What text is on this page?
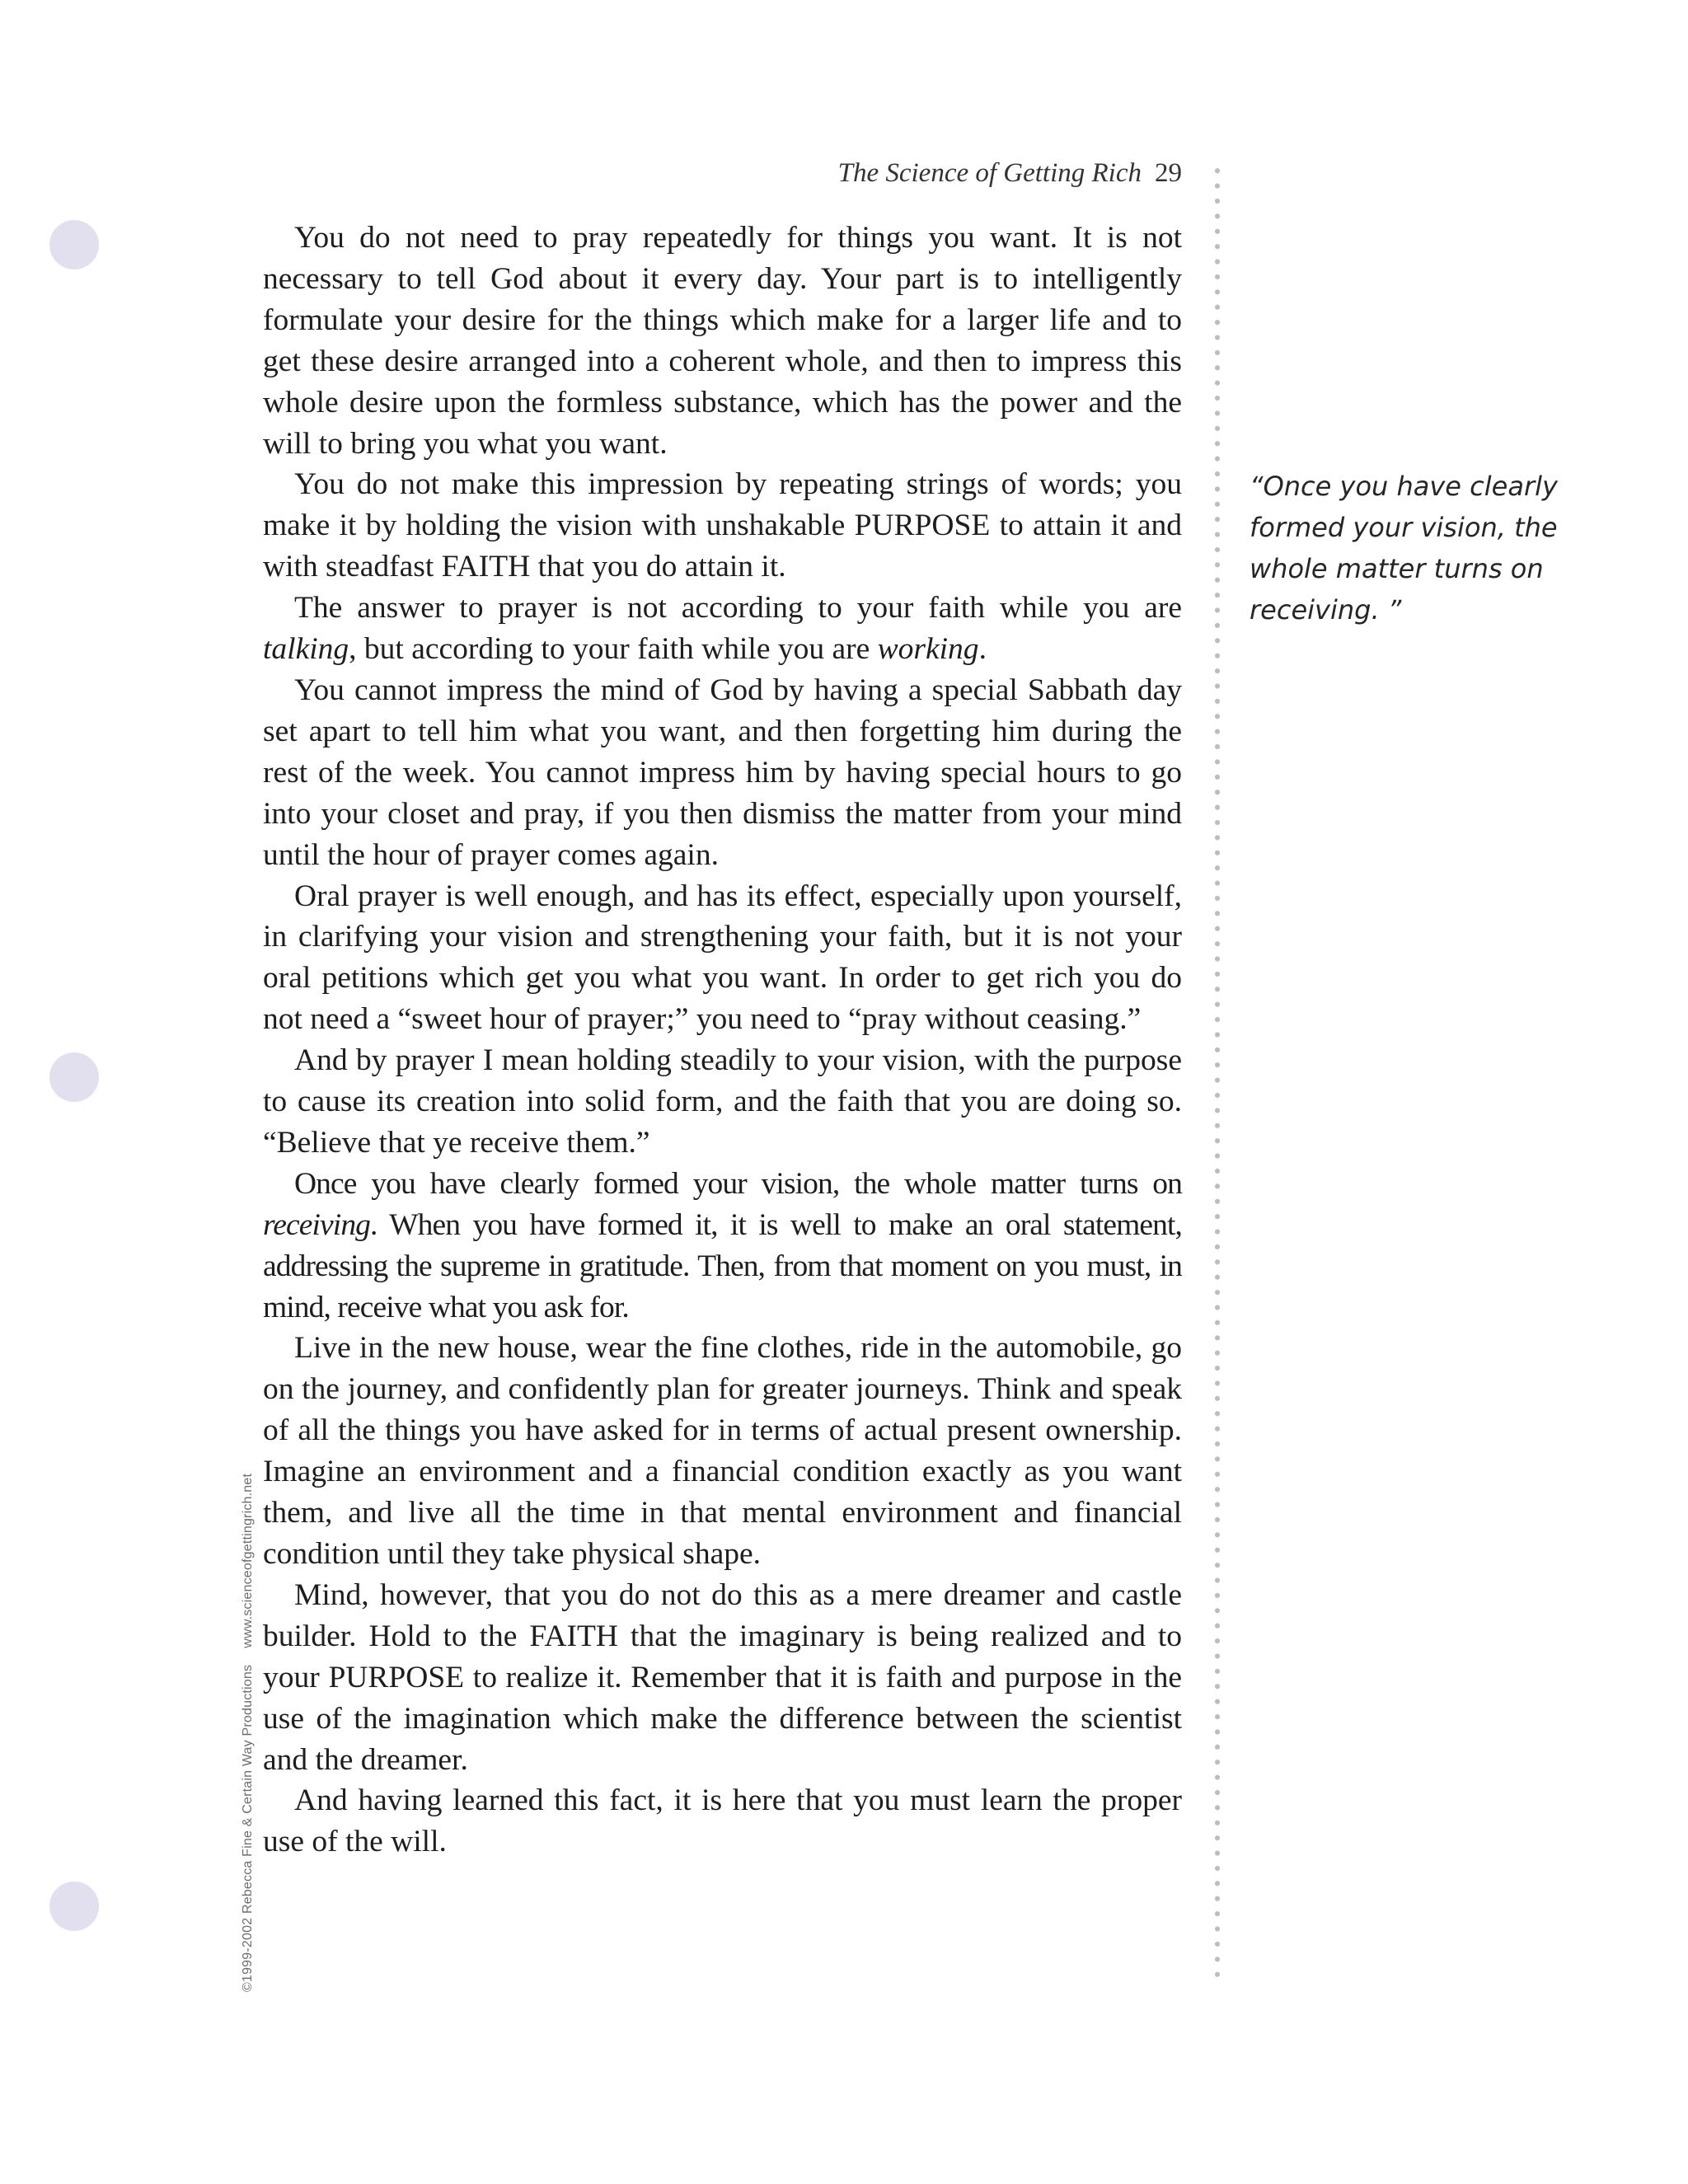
The Science of Getting Rich 29

You do not need to pray repeatedly for things you want. It is not necessary to tell God about it every day. Your part is to intelligently formulate your desire for the things which make for a larger life and to get these desire arranged into a coherent whole, and then to impress this whole desire upon the formless substance, which has the power and the will to bring you what you want.

You do not make this impression by repeating strings of words; you make it by holding the vision with unshakable PURPOSE to attain it and with steadfast FAITH that you do attain it.

The answer to prayer is not according to your faith while you are talking, but according to your faith while you are working.

You cannot impress the mind of God by having a special Sabbath day set apart to tell him what you want, and then forgetting him during the rest of the week. You cannot impress him by having special hours to go into your closet and pray, if you then dismiss the matter from your mind until the hour of prayer comes again.

Oral prayer is well enough, and has its effect, especially upon yourself, in clarifying your vision and strengthening your faith, but it is not your oral petitions which get you what you want. In order to get rich you do not need a “sweet hour of prayer;” you need to “pray without ceasing.”

And by prayer I mean holding steadily to your vision, with the purpose to cause its creation into solid form, and the faith that you are doing so. “Believe that ye receive them.”

Once you have clearly formed your vision, the whole matter turns on receiving. When you have formed it, it is well to make an oral statement, addressing the supreme in gratitude. Then, from that moment on you must, in mind, receive what you ask for.

Live in the new house, wear the fine clothes, ride in the automobile, go on the journey, and confidently plan for greater journeys. Think and speak of all the things you have asked for in terms of actual present ownership. Imagine an environment and a financial condition exactly as you want them, and live all the time in that mental environment and financial condition until they take physical shape.

Mind, however, that you do not do this as a mere dreamer and castle builder. Hold to the FAITH that the imaginary is being realized and to your PURPOSE to realize it. Remember that it is faith and purpose in the use of the imagination which make the difference between the scientist and the dreamer.

And having learned this fact, it is here that you must learn the proper use of the will.

“Once you have clearly formed your vision, the whole matter turns on receiving. ”
©1999-2002 Rebecca Fine & Certain Way Productionswww.scienceofgettingrich.net
